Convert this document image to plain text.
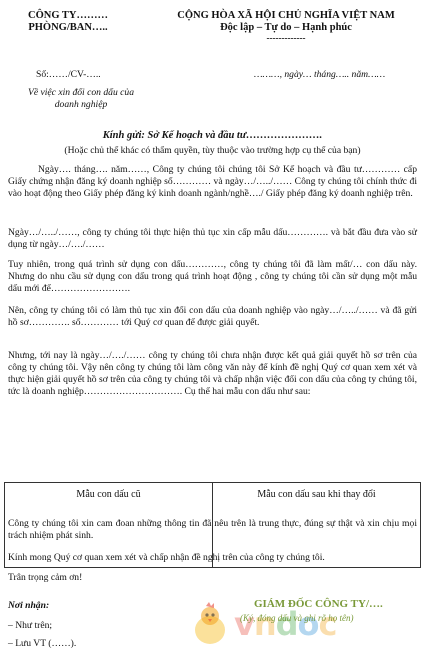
CÔNG TY………
PHÒNG/BAN…..
CỘNG HÒA XÃ HỘI CHỦ NGHĨA VIỆT NAM
Độc lập – Tự do – Hạnh phúc
-------------
Số:……/CV-…..	………, ngày… tháng….. năm……
Về việc xin đổi con dấu của
doanh nghiệp
Kính gửi: Sở Kế hoạch và đầu tư………………….
(Hoặc chủ thể khác có thẩm quyền, tùy thuộc vào trường hợp cụ thể của bạn)
Ngày…. tháng…. năm……, Công ty chúng tôi chúng tôi Sở Kế hoạch và đầu tư………… cấp Giấy chứng nhận đăng ký doanh nghiệp số………… và ngày…/…../…… Công ty chúng tôi chính thức đi vào hoạt động theo Giấy phép đăng ký kinh doanh ngành/nghề…./ Giấy phép đăng ký doanh nghiệp trên.
Ngày…/…../……, công ty chúng tôi thực hiện thủ tục xin cấp mẫu dấu…………. và bắt đầu đưa vào sử dụng từ ngày…/…./……
Tuy nhiên, trong quá trình sử dụng con dấu…………, công ty chúng tôi đã làm mất/… con dấu này. Nhưng do nhu cầu sử dụng con dấu trong quá trình hoạt động , công ty chúng tôi cần sử dụng một mẫu dấu mới để…………………….
Nên, công ty chúng tôi có làm thủ tục xin đổi con dấu của doanh nghiệp vào ngày…/…../…… và đã gửi hồ sơ…………. số………… tới Quý cơ quan để được giải quyết.
Nhưng, tới nay là ngày…/…./…… công ty chúng tôi chưa nhận được kết quả giải quyết hồ sơ trên của công ty chúng tôi. Vậy nên công ty chúng tôi làm công văn này để kính đề nghị Quý cơ quan xem xét và thực hiện giải quyết hồ sơ trên của công ty chúng tôi và chấp nhận việc đổi con dấu của công ty chúng tôi, tức là doanh nghiệp…………………………. Cụ thể hai mẫu con dấu như sau:
Mẫu con dấu cũ	Mẫu con dấu sau khi thay đổi
Công ty chúng tôi xin cam đoan những thông tin đã nêu trên là trung thực, đúng sự thật và xin chịu mọi trách nhiệm phát sinh.
Kính mong Quý cơ quan xem xét và chấp nhận đề nghị trên của công ty chúng tôi.
Trân trọng cảm ơn!
Nơi nhận:
– Như trên;
– Lưu VT (……).
vndoc
GIÁM ĐỐC CÔNG TY/….
(Ký, đóng dấu và ghi rõ họ tên)
